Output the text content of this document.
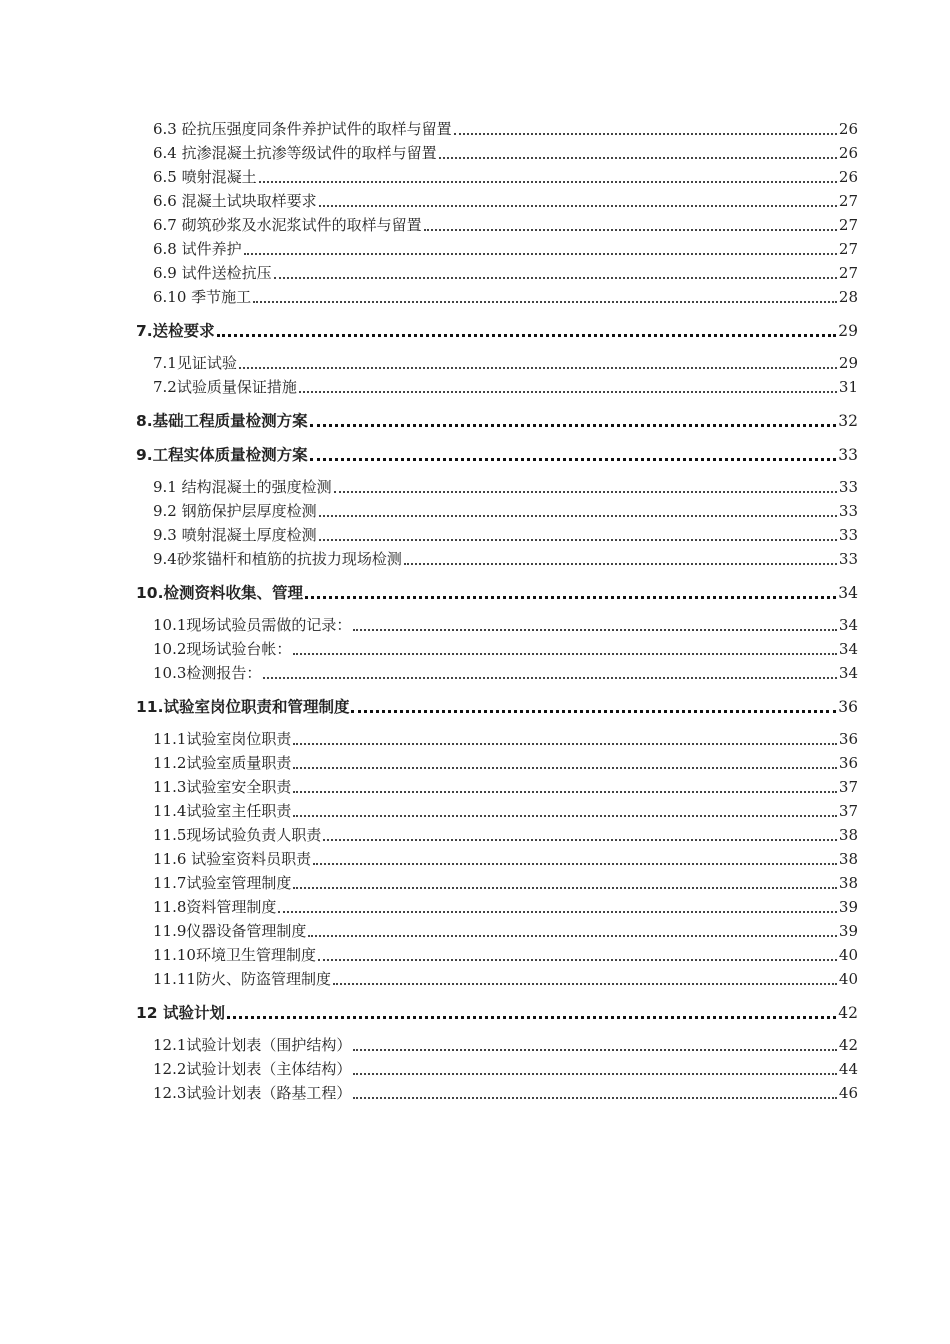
6.3 砼抗压强度同条件养护试件的取样与留置	26
6.4 抗渗混凝土抗渗等级试件的取样与留置	26
6.5 喷射混凝土	26
6.6 混凝土试块取样要求	27
6.7 砌筑砂浆及水泥浆试件的取样与留置	27
6.8 试件养护	27
6.9 试件送检抗压	27
6.10 季节施工	28
7.送检要求	29
7.1见证试验	29
7.2试验质量保证措施	31
8.基础工程质量检测方案	32
9.工程实体质量检测方案	33
9.1 结构混凝土的强度检测	33
9.2 钢筋保护层厚度检测	33
9.3 喷射混凝土厚度检测	33
9.4砂浆锚杆和植筋的抗拔力现场检测	33
10.检测资料收集、管理	34
10.1现场试验员需做的记录：	34
10.2现场试验台帐：	34
10.3检测报告：	34
11.试验室岗位职责和管理制度	36
11.1试验室岗位职责	36
11.2试验室质量职责	36
11.3试验室安全职责	37
11.4试验室主任职责	37
11.5现场试验负责人职责	38
11.6 试验室资料员职责	38
11.7试验室管理制度	38
11.8资料管理制度	39
11.9仪器设备管理制度	39
11.10环境卫生管理制度	40
11.11防火、防盗管理制度	40
12 试验计划	42
12.1试验计划表（围护结构）	42
12.2试验计划表（主体结构）	44
12.3试验计划表（路基工程）	46
